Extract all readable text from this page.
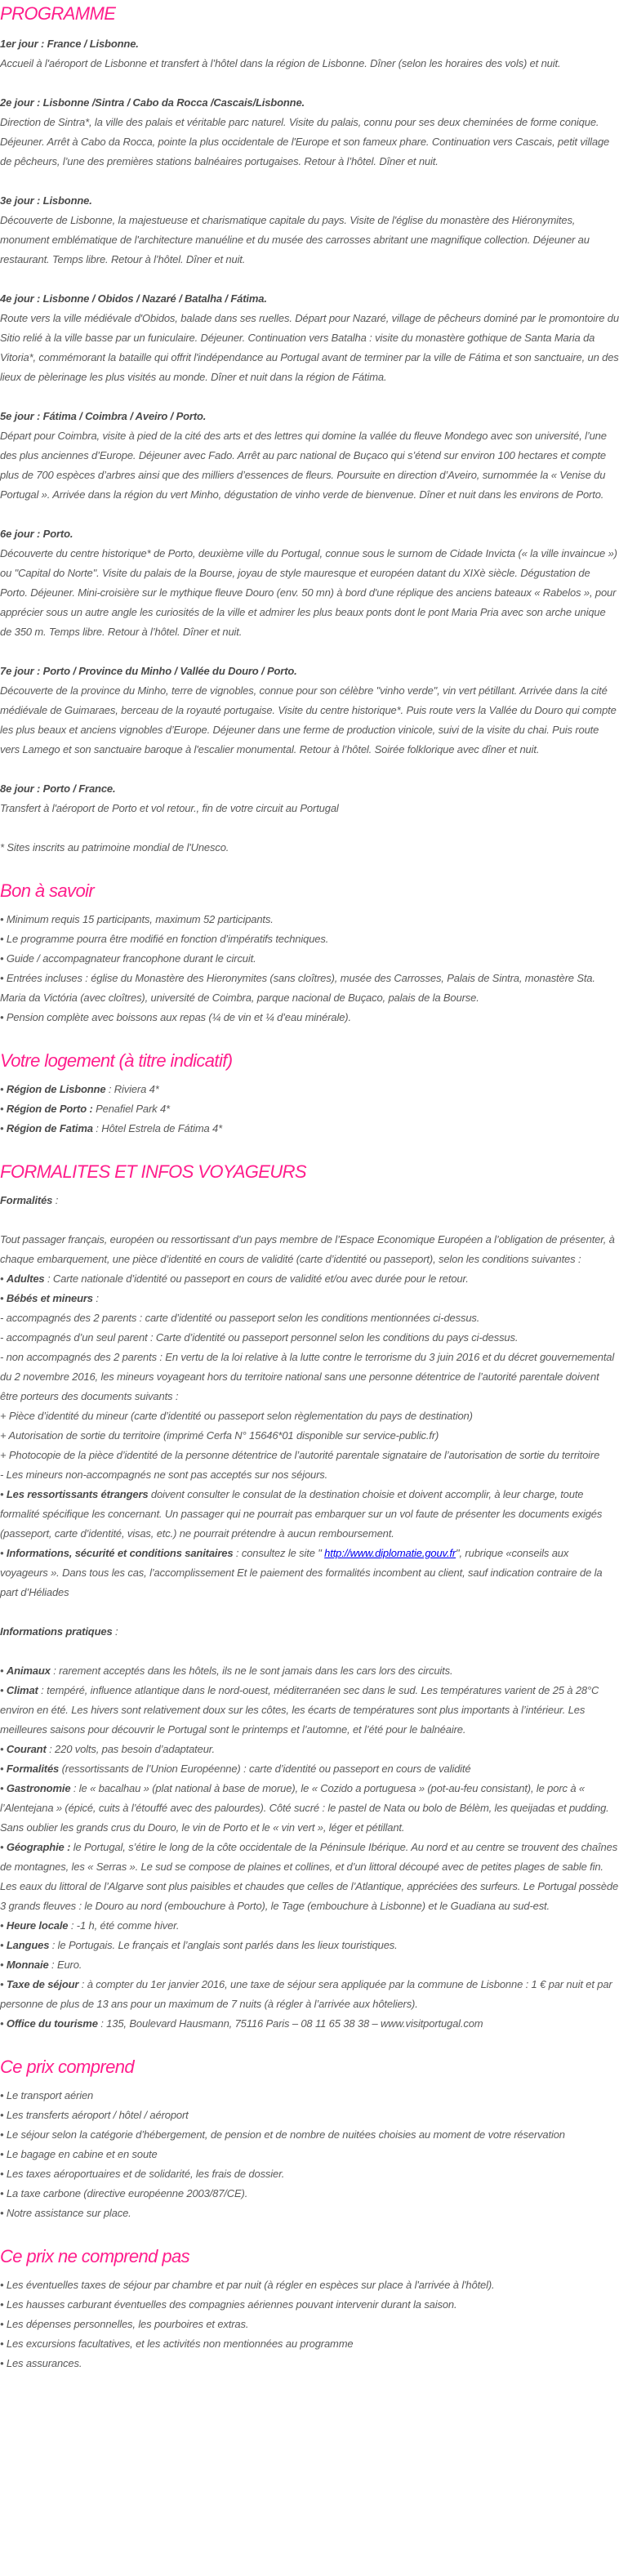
PROGRAMME

1er jour : France / Lisbonne.

Accueil à l'aéroport de Lisbonne et transfert à l’hôtel dans la région de Lisbonne. Dîner (selon les horaires des vols) et nuit.

2e jour : Lisbonne /Sintra / Cabo da Rocca /Cascais/Lisbonne.

Direction de Sintra*, la ville des palais et véritable parc naturel. Visite du palais, connu pour ses deux cheminées de forme conique. Déjeuner. Arrêt à Cabo da Rocca, pointe la plus occidentale de l'Europe et son fameux phare. Continuation vers Cascais, petit village de pêcheurs, l’une des premières stations balnéaires portugaises. Retour à l’hôtel. Dîner et nuit.

3e jour : Lisbonne.

Découverte de Lisbonne, la majestueuse et charismatique capitale du pays. Visite de l'église du monastère des Hiéronymites, monument emblématique de l'architecture manuéline et du musée des carrosses abritant une magnifique collection. Déjeuner au restaurant. Temps libre. Retour à l’hôtel. Dîner et nuit.

4e jour : Lisbonne / Obidos / Nazaré / Batalha / Fátima.

Route vers la ville médiévale d'Obidos, balade dans ses ruelles. Départ pour Nazaré, village de pêcheurs dominé par le promontoire du Sitio relié à la ville basse par un funiculaire. Déjeuner. Continuation vers Batalha : visite du monastère gothique de Santa Maria da Vitoria*, commémorant la bataille qui offrit l'indépendance au Portugal avant de terminer par la ville de Fátima et son sanctuaire, un des lieux de pèlerinage les plus visités au monde. Dîner et nuit dans la région de Fátima.

5e jour : Fátima / Coimbra / Aveiro / Porto.

Départ pour Coimbra, visite à pied de la cité des arts et des lettres qui domine la vallée du fleuve Mondego avec son université, l’une des plus anciennes d’Europe. Déjeuner avec Fado. Arrêt au parc national de Buçaco qui s’étend sur environ 100 hectares et compte plus de 700 espèces d’arbres ainsi que des milliers d’essences de fleurs. Poursuite en direction d’Aveiro, surnommée la « Venise du Portugal ». Arrivée dans la région du vert Minho, dégustation de vinho verde de bienvenue. Dîner et nuit dans les environs de Porto.

6e jour : Porto.

Découverte du centre historique* de Porto, deuxième ville du Portugal, connue sous le surnom de Cidade Invicta (« la ville invaincue ») ou "Capital do Norte". Visite du palais de la Bourse, joyau de style mauresque et européen datant du XIXè siècle. Dégustation de Porto. Déjeuner. Mini-croisière sur le mythique fleuve Douro (env. 50 mn) à bord d'une réplique des anciens bateaux « Rabelos », pour apprécier sous un autre angle les curiosités de la ville et admirer les plus beaux ponts dont le pont Maria Pria avec son arche unique de 350 m. Temps libre. Retour à l’hôtel. Dîner et nuit.

7e jour : Porto / Province du Minho / Vallée du Douro / Porto.

Découverte de la province du Minho, terre de vignobles, connue pour son célèbre "vinho verde", vin vert pétillant. Arrivée dans la cité médiévale de Guimaraes, berceau de la royauté portugaise. Visite du centre historique*. Puis route vers la Vallée du Douro qui compte les plus beaux et anciens vignobles d’Europe. Déjeuner dans une ferme de production vinicole, suivi de la visite du chai. Puis route vers Lamego et son sanctuaire baroque à l'escalier monumental. Retour à l’hôtel. Soirée folklorique avec dîner et nuit.

8e jour : Porto / France.

Transfert à l'aéroport de Porto et vol retour., fin de votre circuit au Portugal

* Sites inscrits au patrimoine mondial de l'Unesco.

Bon à savoir

• Minimum requis 15 participants, maximum 52 participants.

• Le programme pourra être modifié en fonction d’impératifs techniques.

• Guide / accompagnateur francophone durant le circuit.

• Entrées incluses : église du Monastère des Hieronymites (sans cloîtres), musée des Carrosses, Palais de Sintra, monastère Sta. Maria da Victória (avec cloîtres), université de Coimbra, parque nacional de Buçaco, palais de la Bourse.

• Pension complète avec boissons aux repas (¼ de vin et ¼ d’eau minérale).

Votre logement (à titre indicatif)

• Région de Lisbonne : Riviera 4*

• Région de Porto : Penafiel Park 4*

• Région de Fatima : Hôtel Estrela de Fátima 4*

FORMALITES ET INFOS VOYAGEURS

Formalités :

Tout passager français, européen ou ressortissant d’un pays membre de l’Espace Economique Européen a l’obligation de présenter, à chaque embarquement, une pièce d’identité en cours de validité (carte d’identité ou passeport), selon les conditions suivantes :

• Adultes : Carte nationale d’identité ou passeport en cours de validité et/ou avec durée pour le retour.

• Bébés et mineurs :

- accompagnés des 2 parents : carte d’identité ou passeport selon les conditions mentionnées ci-dessus.

- accompagnés d’un seul parent : Carte d’identité ou passeport personnel selon les conditions du pays ci-dessus.

- non accompagnés des 2 parents : En vertu de la loi relative à la lutte contre le terrorisme du 3 juin 2016 et du décret gouvernemental du 2 novembre 2016, les mineurs voyageant hors du territoire national sans une personne détentrice de l’autorité parentale doivent être porteurs des documents suivants :

+ Pièce d’identité du mineur (carte d’identité ou passeport selon règlementation du pays de destination)

+ Autorisation de sortie du territoire (imprimé Cerfa N° 15646*01 disponible sur service-public.fr)

+ Photocopie de la pièce d’identité de la personne détentrice de l’autorité parentale signataire de l’autorisation de sortie du territoire

- Les mineurs non-accompagnés ne sont pas acceptés sur nos séjours.

• Les ressortissants étrangers doivent consulter le consulat de la destination choisie et doivent accomplir, à leur charge, toute formalité spécifique les concernant. Un passager qui ne pourrait pas embarquer sur un vol faute de présenter les documents exigés (passeport, carte d’identité, visas, etc.) ne pourrait prétendre à aucun remboursement.

• Informations, sécurité et conditions sanitaires : consultez le site " http://www.diplomatie.gouv.fr", rubrique «conseils aux voyageurs ». Dans tous les cas, l’accomplissement Et le paiement des formalités incombent au client, sauf indication contraire de la part d’Héliades

Informations pratiques :

• Animaux : rarement acceptés dans les hôtels, ils ne le sont jamais dans les cars lors des circuits.

• Climat : tempéré, influence atlantique dans le nord-ouest, méditerranéen sec dans le sud. Les températures varient de 25 à 28°C environ en été. Les hivers sont relativement doux sur les côtes, les écarts de températures sont plus importants à l’intérieur. Les meilleures saisons pour découvrir le Portugal sont le printemps et l’automne, et l’été pour le balnéaire.

• Courant : 220 volts, pas besoin d’adaptateur.

• Formalités (ressortissants de l’Union Européenne) : carte d’identité ou passeport en cours de validité

• Gastronomie : le « bacalhau » (plat national à base de morue), le « Cozido a portuguesa » (pot-au-feu consistant), le porc à « l’Alentejana » (épicé, cuits à l’étouffé avec des palourdes). Côté sucré : le pastel de Nata ou bolo de Bélèm, les queijadas et pudding. Sans oublier les grands crus du Douro, le vin de Porto et le « vin vert », léger et pétillant.

• Géographie : le Portugal, s’étire le long de la côte occidentale de la Péninsule Ibérique. Au nord et au centre se trouvent des chaînes de montagnes, les « Serras ». Le sud se compose de plaines et collines, et d’un littoral découpé avec de petites plages de sable fin. Les eaux du littoral de l’Algarve sont plus paisibles et chaudes que celles de l’Atlantique, appréciées des surfeurs. Le Portugal possède 3 grands fleuves : le Douro au nord (embouchure à Porto), le Tage (embouchure à Lisbonne) et le Guadiana au sud-est.

• Heure locale : -1 h, été comme hiver.

• Langues : le Portugais. Le français et l’anglais sont parlés dans les lieux touristiques.

• Monnaie : Euro.

• Taxe de séjour : à compter du 1er janvier 2016, une taxe de séjour sera appliquée par la commune de Lisbonne : 1 € par nuit et par personne de plus de 13 ans pour un maximum de 7 nuits (à régler à l’arrivée aux hôteliers).

• Office du tourisme : 135, Boulevard Hausmann, 75116 Paris – 08 11 65 38 38 – www.visitportugal.com

Ce prix comprend

• Le transport aérien

• Les transferts aéroport / hôtel / aéroport

• Le séjour selon la catégorie d’hébergement, de pension et de nombre de nuitées choisies au moment de votre réservation

• Le bagage en cabine et en soute

• Les taxes aéroportuaires et de solidarité, les frais de dossier.

• La taxe carbone (directive européenne 2003/87/CE).

• Notre assistance sur place.

Ce prix ne comprend pas

• Les éventuelles taxes de séjour par chambre et par nuit (à régler en espèces sur place à l'arrivée à l'hôtel).

• Les hausses carburant éventuelles des compagnies aériennes pouvant intervenir durant la saison.

• Les dépenses personnelles, les pourboires et extras.

• Les excursions facultatives, et les activités non mentionnées au programme

• Les assurances.
